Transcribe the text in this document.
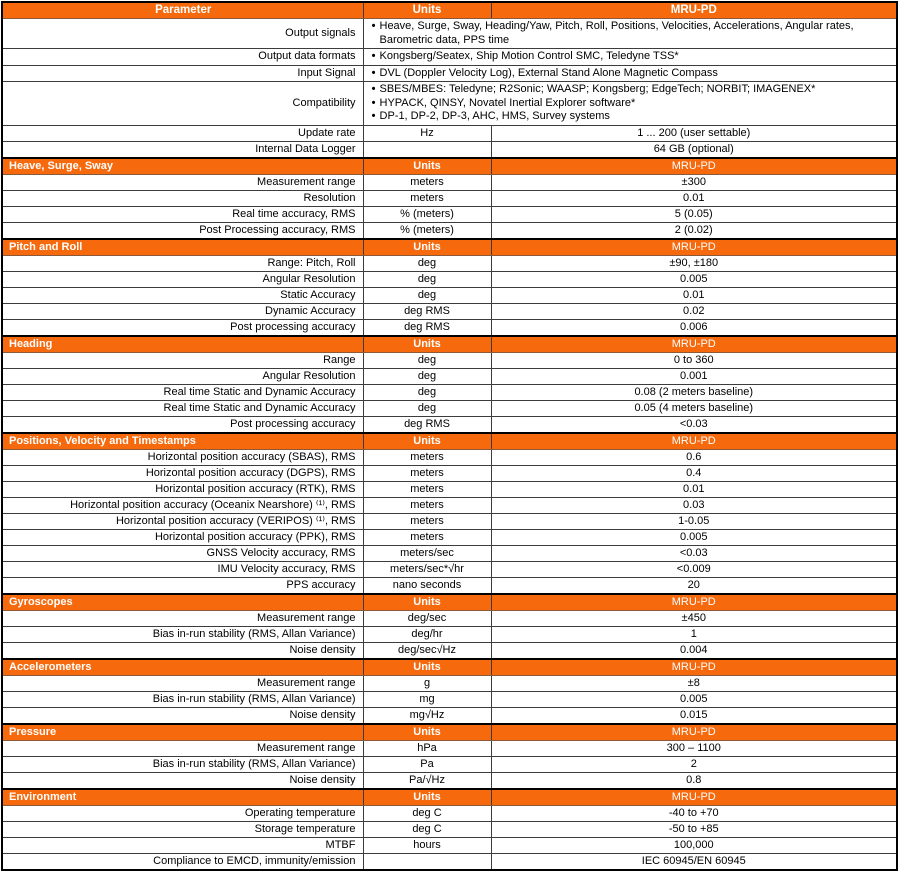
Parameter	Units	MRU-PD
Output signals	• Heave, Surge, Sway, Heading/Yaw, Pitch, Roll, Positions, Velocities, Accelerations, Angular rates, Barometric data, PPS time	

Output data formats	• Kongsberg/Seatex, Ship Motion Control SMC, Teledyne TSS*	

Input Signal	• DVL (Doppler Velocity Log), External Stand Alone Magnetic Compass	

Compatibility	
• SBES/MBES: Teledyne; R2Sonic; WAASP; Kongsberg; EdgeTech; NORBIT; IMAGENEX*
• HYPACK, QINSY, Novatel Inertial Explorer software*
• DP-1, DP-2, DP-3, AHC, HMS, Survey systems

Update rate	Hz	1 ... 200 (user settable)
Internal Data Logger		64 GB (optional)
Heave, Surge, Sway	Units	MRU-PD
Measurement range	meters	±300
Resolution	meters	0.01
Real time accuracy, RMS	% (meters)	5 (0.05)
Post Processing accuracy, RMS	% (meters)	2 (0.02)
Pitch and Roll	Units	MRU-PD
Range: Pitch, Roll	deg	±90, ±180
Angular Resolution	deg	0.005
Static Accuracy	deg	0.01
Dynamic Accuracy	deg RMS	0.02
Post processing accuracy	deg RMS	0.006
Heading	Units	MRU-PD
Range	deg	0 to 360
Angular Resolution	deg	0.001
Real time Static and Dynamic Accuracy	deg	0.08 (2 meters baseline)
Real time Static and Dynamic Accuracy	deg	0.05 (4 meters baseline)
Post processing accuracy	deg RMS	<0.03
Positions, Velocity and Timestamps	Units	MRU-PD
Horizontal position accuracy (SBAS), RMS	meters	0.6
Horizontal position accuracy (DGPS), RMS	meters	0.4
Horizontal position accuracy (RTK), RMS	meters	0.01
Horizontal position accuracy (Oceanix Nearshore) ⁽¹⁾, RMS	meters	0.03
Horizontal position accuracy (VERIPOS) ⁽¹⁾, RMS	meters	1-0.05
Horizontal position accuracy (PPK), RMS	meters	0.005
GNSS Velocity accuracy, RMS	meters/sec	<0.03
IMU Velocity accuracy, RMS	meters/sec*√hr	<0.009
PPS accuracy	nano seconds	20
Gyroscopes	Units	MRU-PD
Measurement range	deg/sec	±450
Bias in-run stability (RMS, Allan Variance)	deg/hr	1
Noise density	deg/sec√Hz	0.004
Accelerometers	Units	MRU-PD
Measurement range	g	±8
Bias in-run stability (RMS, Allan Variance)	mg	0.005
Noise density	mg√Hz	0.015
Pressure	Units	MRU-PD
Measurement range	hPa	300 – 1100
Bias in-run stability (RMS, Allan Variance)	Pa	2
Noise density	Pa/√Hz	0.8
Environment	Units	MRU-PD
Operating temperature	deg C	-40 to +70
Storage temperature	deg C	-50 to +85
MTBF	hours	100,000
Compliance to EMCD, immunity/emission		IEC 60945/EN 60945
